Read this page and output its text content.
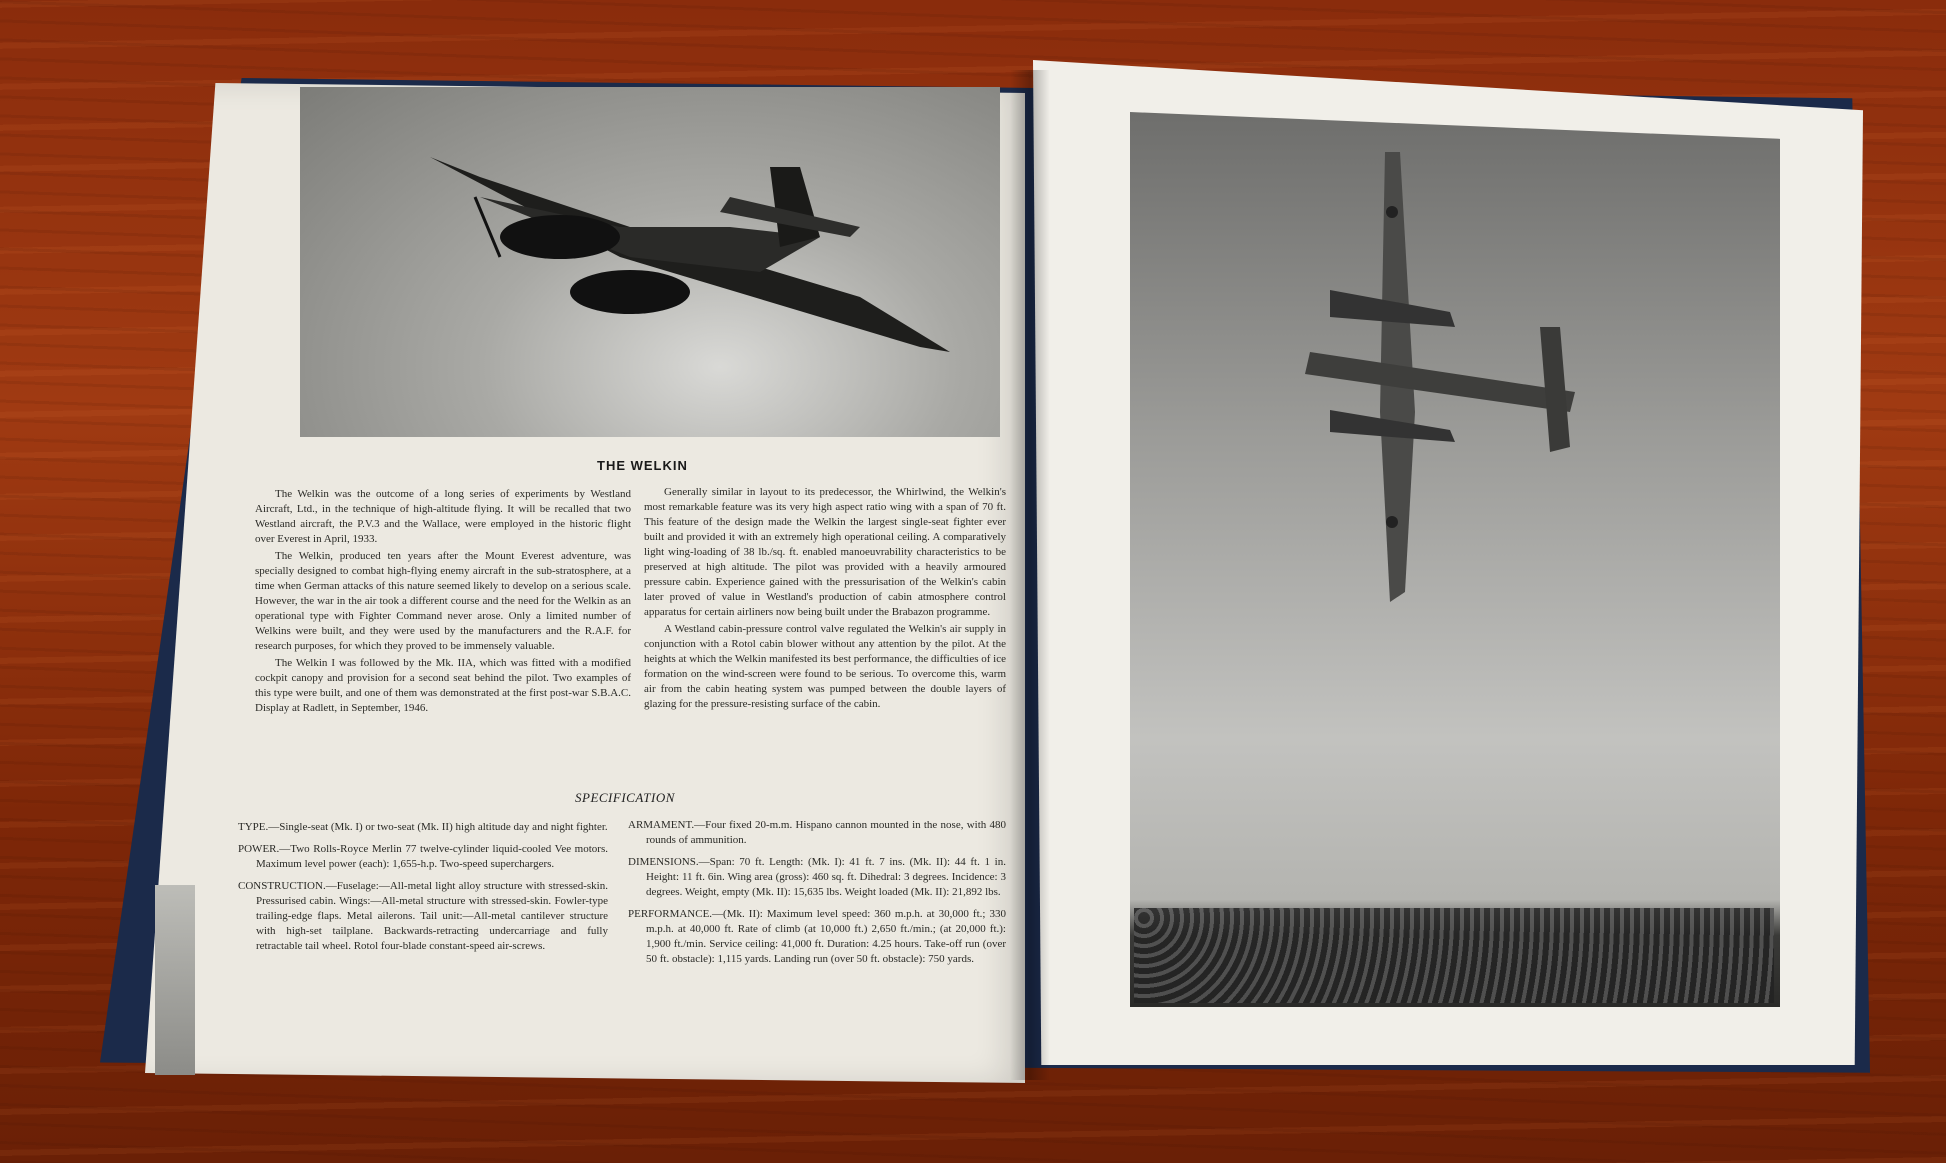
THE WELKIN

The Welkin was the outcome of a long series of experiments by Westland Aircraft, Ltd., in the technique of high-altitude flying. It will be recalled that two Westland aircraft, the P.V.3 and the Wallace, were employed in the historic flight over Everest in April, 1933.

The Welkin, produced ten years after the Mount Everest adventure, was specially designed to combat high-flying enemy aircraft in the sub-stratosphere, at a time when German attacks of this nature seemed likely to develop on a serious scale. However, the war in the air took a different course and the need for the Welkin as an operational type with Fighter Command never arose. Only a limited number of Welkins were built, and they were used by the manufacturers and the R.A.F. for research purposes, for which they proved to be immensely valuable.

The Welkin I was followed by the Mk. IIA, which was fitted with a modified cockpit canopy and provision for a second seat behind the pilot. Two examples of this type were built, and one of them was demonstrated at the first post-war S.B.A.C. Display at Radlett, in September, 1946.

Generally similar in layout to its predecessor, the Whirlwind, the Welkin's most remarkable feature was its very high aspect ratio wing with a span of 70 ft. This feature of the design made the Welkin the largest single-seat fighter ever built and provided it with an extremely high operational ceiling. A comparatively light wing-loading of 38 lb./sq. ft. enabled manoeuvrability characteristics to be preserved at high altitude. The pilot was provided with a heavily armoured pressure cabin. Experience gained with the pressurisation of the Welkin's cabin later proved of value in Westland's production of cabin atmosphere control apparatus for certain airliners now being built under the Brabazon programme.

A Westland cabin-pressure control valve regulated the Welkin's air supply in conjunction with a Rotol cabin blower without any attention by the pilot. At the heights at which the Welkin manifested its best performance, the difficulties of ice formation on the wind-screen were found to be serious. To overcome this, warm air from the cabin heating system was pumped between the double layers of glazing for the pressure-resisting surface of the cabin.

SPECIFICATION

TYPE.—Single-seat (Mk. I) or two-seat (Mk. II) high altitude day and night fighter.

POWER.—Two Rolls-Royce Merlin 77 twelve-cylinder liquid-cooled Vee motors. Maximum level power (each): 1,655-h.p. Two-speed superchargers.

CONSTRUCTION.—Fuselage:—All-metal light alloy structure with stressed-skin. Pressurised cabin. Wings:—All-metal structure with stressed-skin. Fowler-type trailing-edge flaps. Metal ailerons. Tail unit:—All-metal cantilever structure with high-set tailplane. Backwards-retracting undercarriage and fully retractable tail wheel. Rotol four-blade constant-speed air-screws.

ARMAMENT.—Four fixed 20-m.m. Hispano cannon mounted in the nose, with 480 rounds of ammunition.

DIMENSIONS.—Span: 70 ft. Length: (Mk. I): 41 ft. 7 ins. (Mk. II): 44 ft. 1 in. Height: 11 ft. 6in. Wing area (gross): 460 sq. ft. Dihedral: 3 degrees. Incidence: 3 degrees. Weight, empty (Mk. II): 15,635 lbs. Weight loaded (Mk. II): 21,892 lbs.

PERFORMANCE.—(Mk. II): Maximum level speed: 360 m.p.h. at 30,000 ft.; 330 m.p.h. at 40,000 ft. Rate of climb (at 10,000 ft.) 2,650 ft./min.; (at 20,000 ft.): 1,900 ft./min. Service ceiling: 41,000 ft. Duration: 4.25 hours. Take-off run (over 50 ft. obstacle): 1,115 yards. Landing run (over 50 ft. obstacle): 750 yards.
